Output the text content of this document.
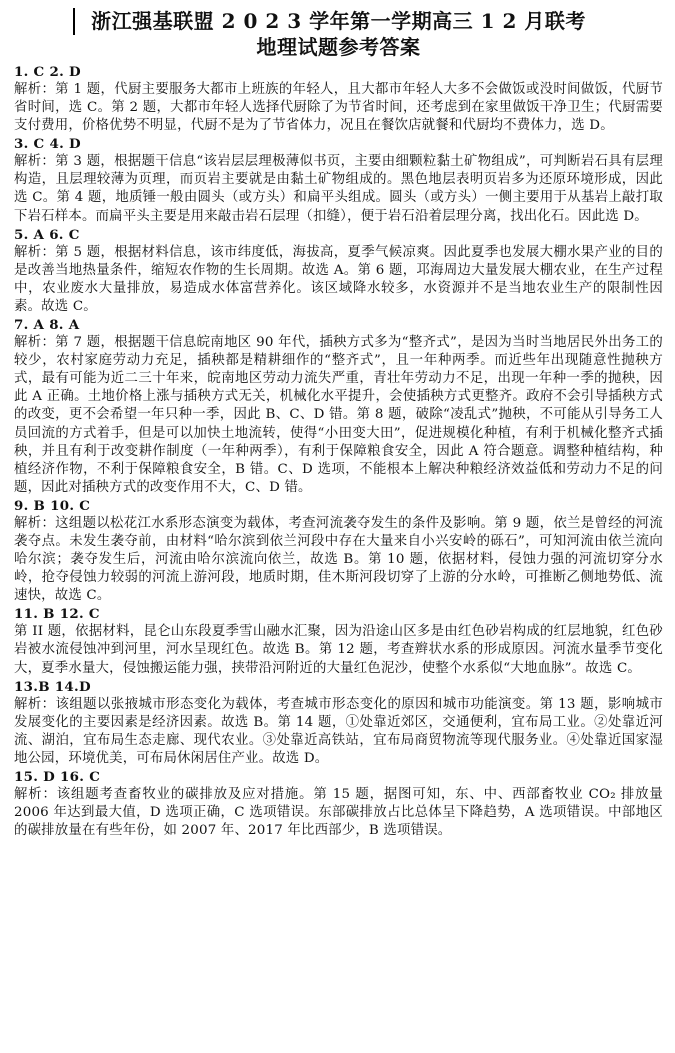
浙江强基联盟 2 0 2 3 学年第一学期高三 1 2 月联考
地理试题参考答案

1. C 2. D

解析：第 1 题，代厨主要服务大都市上班族的年轻人，且大都市年轻人大多不会做饭或没时间做饭，代厨节省时间，选 C。第 2 题，大都市年轻人选择代厨除了为节省时间，还考虑到在家里做饭干净卫生；代厨需要支付费用，价格优势不明显，代厨不是为了节省体力，况且在餐饮店就餐和代厨均不费体力，选 D。

3. C 4. D

解析：第 3 题，根据题干信息“该岩层层理极薄似书页，主要由细颗粒黏土矿物组成”，可判断岩石具有层理构造，且层理较薄为页理，而页岩主要就是由黏土矿物组成的。黑色地层表明页岩多为还原环境形成，因此选 C。第 4 题，地质锤一般由圆头（或方头）和扁平头组成。圆头（或方头）一侧主要用于从基岩上敲打取下岩石样本。而扁平头主要是用来敲击岩石层理（扣缝），便于岩石沿着层理分离，找出化石。因此选 D。

5. A 6. C

解析：第 5 题，根据材料信息，该市纬度低，海拔高，夏季气候凉爽。因此夏季也发展大棚水果产业的目的是改善当地热量条件，缩短农作物的生长周期。故选 A。第 6 题，邛海周边大量发展大棚农业，在生产过程中，农业废水大量排放，易造成水体富营养化。该区域降水较多，水资源并不是当地农业生产的限制性因素。故选 C。

7. A 8. A

解析：第 7 题，根据题干信息皖南地区 90 年代，插秧方式多为“整齐式”，是因为当时当地居民外出务工的较少，农村家庭劳动力充足，插秧都是精耕细作的“整齐式”，且一年种两季。而近些年出现随意性抛秧方式，最有可能为近二三十年来，皖南地区劳动力流失严重，青壮年劳动力不足，出现一年种一季的抛秧，因此 A 正确。土地价格上涨与插秧方式无关，机械化水平提升，会使插秧方式更整齐。政府不会引导插秧方式的改变，更不会希望一年只种一季，因此 B、C、D 错。第 8 题，破除“凌乱式”抛秧，不可能从引导务工人员回流的方式着手，但是可以加快土地流转，使得“小田变大田”，促进规模化种植，有利于机械化整齐式插秧，并且有利于改变耕作制度（一年种两季），有利于保障粮食安全，因此 A 符合题意。调整种植结构，种植经济作物，不利于保障粮食安全，B 错。C、D 选项，不能根本上解决种粮经济效益低和劳动力不足的问题，因此对插秧方式的改变作用不大，C、D 错。

9. B 10. C

解析：这组题以松花江水系形态演变为载体，考查河流袭夺发生的条件及影响。第 9 题，依兰是曾经的河流袭夺点。未发生袭夺前，由材料“哈尔滨到依兰河段中存在大量来自小兴安岭的砾石”，可知河流由依兰流向哈尔滨；袭夺发生后，河流由哈尔滨流向依兰，故选 B。第 10 题，依据材料，侵蚀力强的河流切穿分水岭，抢夺侵蚀力较弱的河流上游河段，地质时期，佳木斯河段切穿了上游的分水岭，可推断乙侧地势低、流速快，故选 C。

11. B 12. C

第 II 题，依据材料，昆仑山东段夏季雪山融水汇聚，因为沿途山区多是由红色砂岩构成的红层地貌，红色砂岩被水流侵蚀冲到河里，河水呈现红色。故选 B。第 12 题，考查辫状水系的形成原因。河流水量季节变化大，夏季水量大，侵蚀搬运能力强，挟带沿河附近的大量红色泥沙，使整个水系似“大地血脉”。故选 C。

13.B 14.D

解析：该组题以张掖城市形态变化为载体，考查城市形态变化的原因和城市功能演变。第 13 题，影响城市发展变化的主要因素是经济因素。故选 B。第 14 题，①处靠近郊区，交通便利，宜布局工业。②处靠近河流、湖泊，宜布局生态走廊、现代农业。③处靠近高铁站，宜布局商贸物流等现代服务业。④处靠近国家湿地公园，环境优美，可布局休闲居住产业。故选 D。

15. D 16. C

解析：该组题考查畜牧业的碳排放及应对措施。第 15 题，据图可知，东、中、西部畜牧业 CO₂ 排放量 2006 年达到最大值，D 选项正确，C 选项错误。东部碳排放占比总体呈下降趋势，A 选项错误。中部地区的碳排放量在有些年份，如 2007 年、2017 年比西部少，B 选项错误。
